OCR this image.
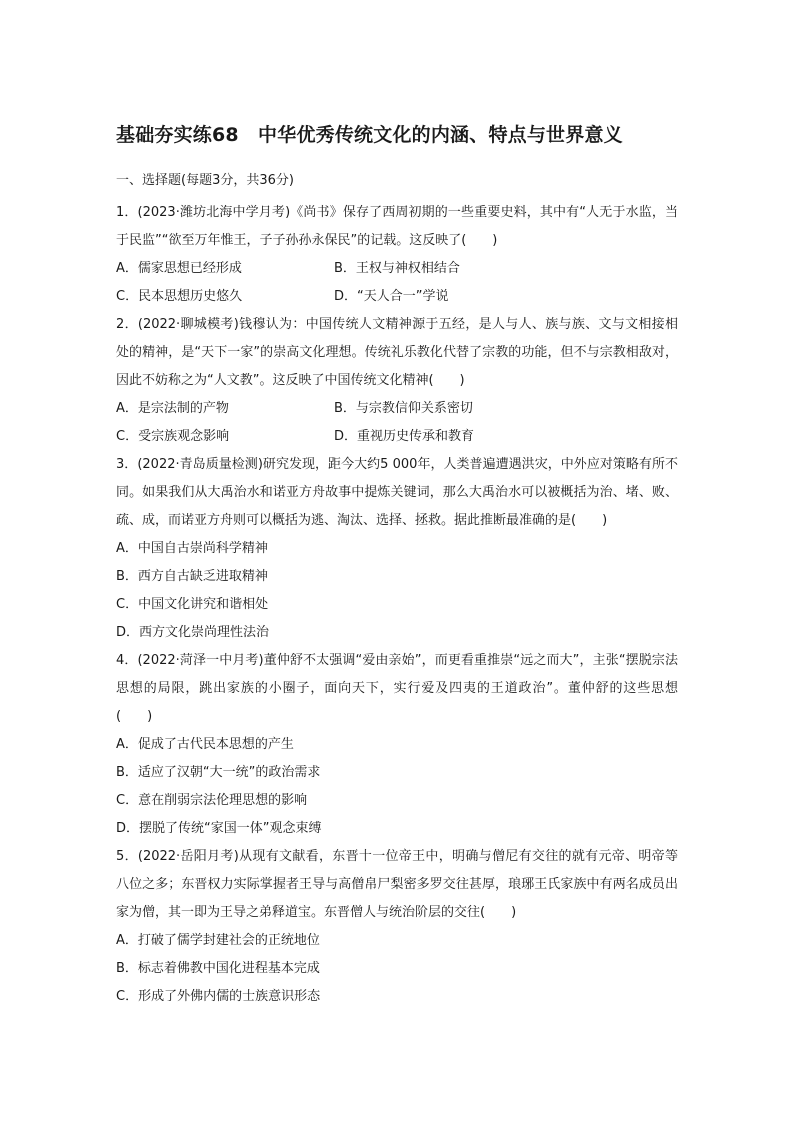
基础夯实练68　中华优秀传统文化的内涵、特点与世界意义
一、选择题(每题3分，共36分)

1．(2023·潍坊北海中学月考)《尚书》保存了西周初期的一些重要史料，其中有“人无于水监，当于民监”“欲至万年惟王，子子孙孙永保民”的记载。这反映了(　　)

A．儒家思想已经形成	B．王权与神权相结合
C．民本思想历史悠久	D．“天人合一”学说

2．(2022·聊城模考)钱穆认为：中国传统人文精神源于五经，是人与人、族与族、文与文相接相处的精神，是“天下一家”的崇高文化理想。传统礼乐教化代替了宗教的功能，但不与宗教相敌对，因此不妨称之为“人文教”。这反映了中国传统文化精神(　　)

A．是宗法制的产物	B．与宗教信仰关系密切
C．受宗族观念影响	D．重视历史传承和教育

3．(2022·青岛质量检测)研究发现，距今大约5 000年，人类普遍遭遇洪灾，中外应对策略有所不同。如果我们从大禹治水和诺亚方舟故事中提炼关键词，那么大禹治水可以被概括为治、堵、败、疏、成，而诺亚方舟则可以概括为逃、淘汰、选择、拯救。据此推断最准确的是(　　)

A．中国自古崇尚科学精神
B．西方自古缺乏进取精神
C．中国文化讲究和谐相处
D．西方文化崇尚理性法治

4．(2022·菏泽一中月考)董仲舒不太强调“爱由亲始”，而更看重推崇“远之而大”，主张“摆脱宗法思想的局限，跳出家族的小圈子，面向天下，实行爱及四夷的王道政治”。董仲舒的这些思想(　　)

A．促成了古代民本思想的产生
B．适应了汉朝“大一统”的政治需求
C．意在削弱宗法伦理思想的影响
D．摆脱了传统“家国一体”观念束缚

5．(2022·岳阳月考)从现有文献看，东晋十一位帝王中，明确与僧尼有交往的就有元帝、明帝等八位之多；东晋权力实际掌握者王导与高僧帛尸梨密多罗交往甚厚，琅琊王氏家族中有两名成员出家为僧，其一即为王导之弟释道宝。东晋僧人与统治阶层的交往(　　)

A．打破了儒学封建社会的正统地位
B．标志着佛教中国化进程基本完成
C．形成了外佛内儒的士族意识形态
